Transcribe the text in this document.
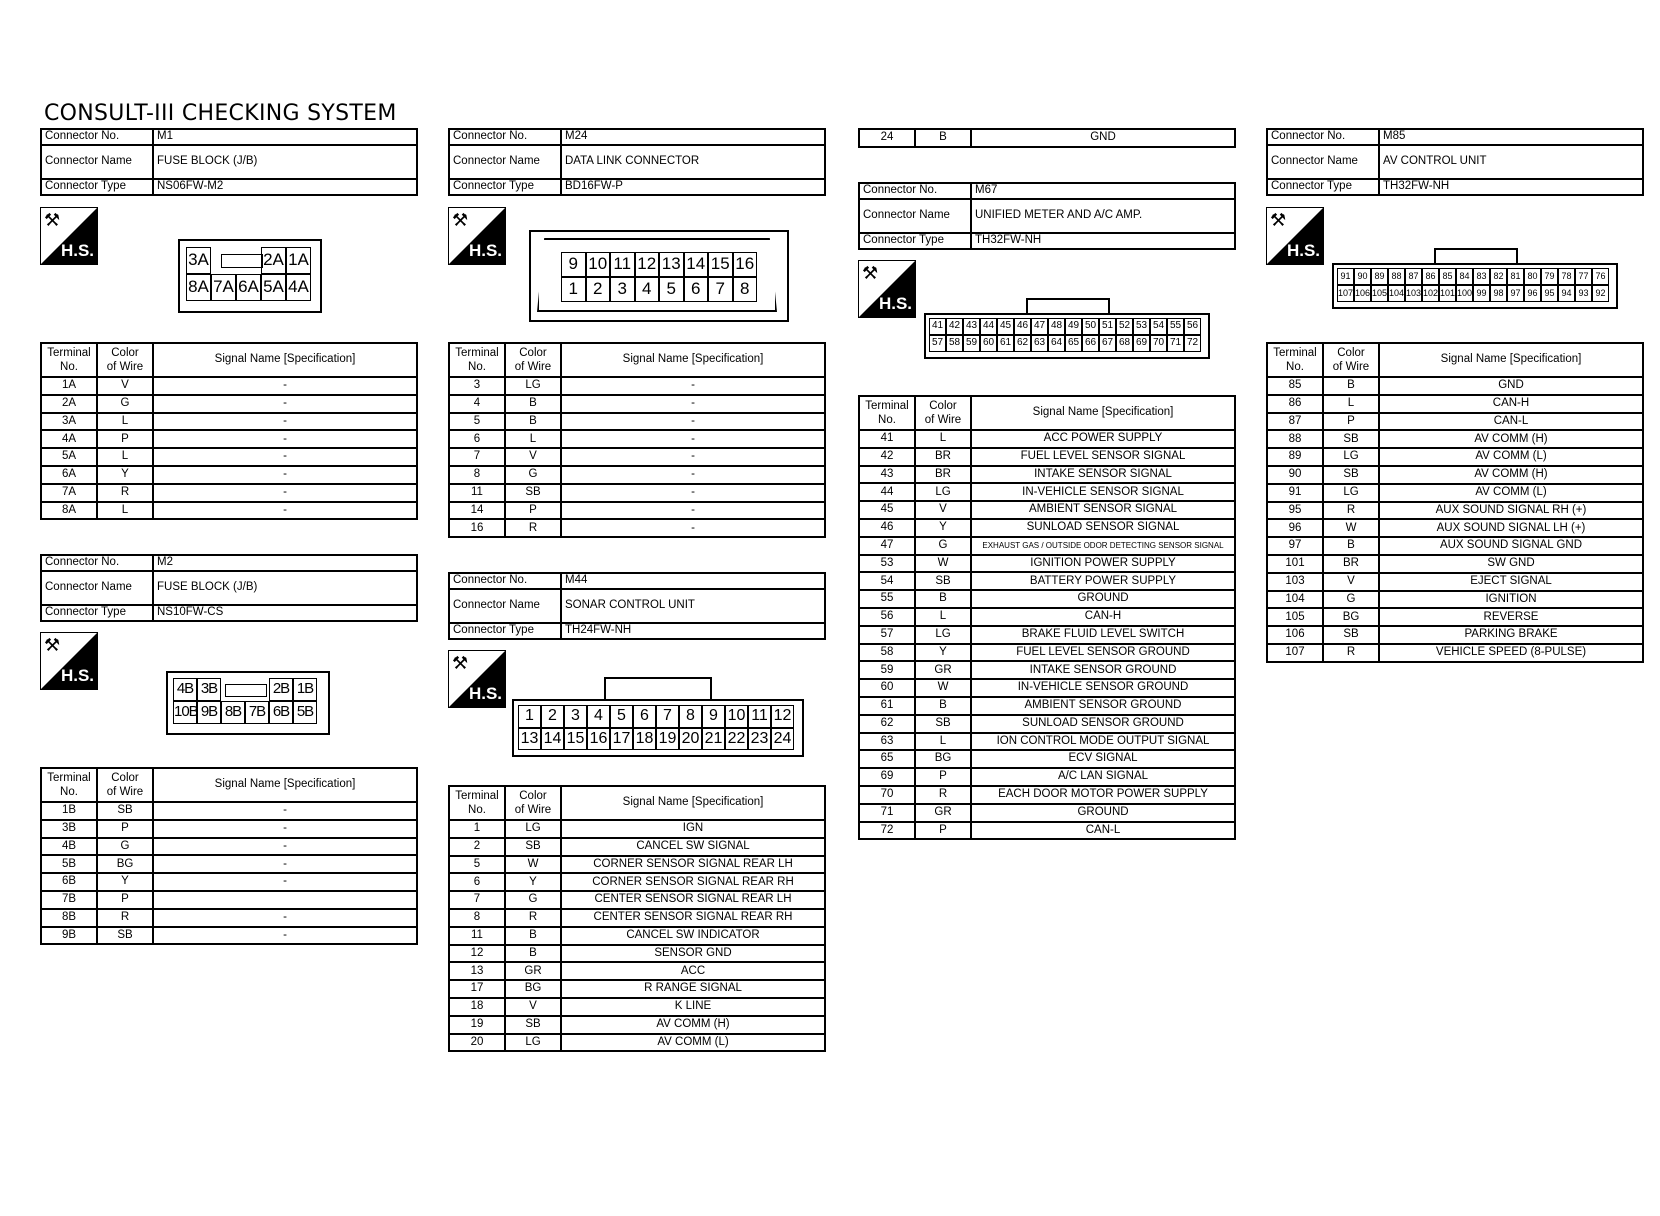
CONSULT-III CHECKING SYSTEM
Connector No.	M1
Connector Name	FUSE BLOCK (J/B)
Connector Type	NS06FW-M2
⚒
H.S.	3A	2A 1A
8A 7A 6A 5A 4A
Terminal
No.	Color
of Wire	Signal Name [Specification]
1A	V	-
2A	G	-
3A	L	-
4A	P	-
5A	L	-
6A	Y	-
7A	R	-
8A	L	-
Connector No.	M2
Connector Name	FUSE BLOCK (J/B)
Connector Type	NS10FW-CS
⚒
H.S.
4B 3B	2B 1B
10B 9B 8B 7B 6B 5B
Terminal
No.	Color
of Wire	Signal Name [Specification]
1B	SB	-
3B	P	-
4B	G	-
5B	BG	-
6B	Y	-
7B	P	
8B	R	-
9B	SB	-
Connector No.	M24
Connector Name	DATA LINK CONNECTOR
Connector Type	BD16FW-P
⚒
H.S.
9 10 11 12 13 14 15 16
1 2 3 4 5 6 7 8
Terminal
No.	Color
of Wire	Signal Name [Specification]
3	LG	-
4	B	-
5	B	-
6	L	-
7	V	-
8	G	-
11	SB	-
14	P	-
16	R	-
Connector No.	M44
Connector Name	SONAR CONTROL UNIT
Connector Type	TH24FW-NH
⚒
H.S.
1 2 3 4 5 6 7 8 9 10 11 12
13 14 15 16 17 18 19 20 21 22 23 24
Terminal
No.	Color
of Wire	Signal Name [Specification]
1	LG	IGN
2	SB	CANCEL SW SIGNAL
5	W	CORNER SENSOR SIGNAL REAR LH
6	Y	CORNER SENSOR SIGNAL REAR RH
7	G	CENTER SENSOR SIGNAL REAR LH
8	R	CENTER SENSOR SIGNAL REAR RH
11	B	CANCEL SW INDICATOR
12	B	SENSOR GND
13	GR	ACC
17	BG	R RANGE SIGNAL
18	V	K LINE
19	SB	AV COMM (H)
20	LG	AV COMM (L)
24	B	GND
Connector No.	M67
Connector Name	UNIFIED METER AND A/C AMP.
Connector Type	TH32FW-NH
⚒
H.S.
41 42 43 44 45 46 47 48 49 50 51 52 53 54 55 56
57 58 59 60 61 62 63 64 65 66 67 68 69 70 71 72
Terminal
No.	Color
of Wire	Signal Name [Specification]
41	L	ACC POWER SUPPLY
42	BR	FUEL LEVEL SENSOR SIGNAL
43	BR	INTAKE SENSOR SIGNAL
44	LG	IN-VEHICLE SENSOR SIGNAL
45	V	AMBIENT SENSOR SIGNAL
46	Y	SUNLOAD SENSOR SIGNAL
47	G	EXHAUST GAS / OUTSIDE ODOR DETECTING SENSOR SIGNAL
53	W	IGNITION POWER SUPPLY
54	SB	BATTERY POWER SUPPLY
55	B	GROUND
56	L	CAN-H
57	LG	BRAKE FLUID LEVEL SWITCH
58	Y	FUEL LEVEL SENSOR GROUND
59	GR	INTAKE SENSOR GROUND
60	W	IN-VEHICLE SENSOR GROUND
61	B	AMBIENT SENSOR GROUND
62	SB	SUNLOAD SENSOR GROUND
63	L	ION CONTROL MODE OUTPUT SIGNAL
65	BG	ECV SIGNAL
69	P	A/C LAN SIGNAL
70	R	EACH DOOR MOTOR POWER SUPPLY
71	GR	GROUND
72	P	CAN-L
Connector No.	M85
Connector Name	AV CONTROL UNIT
Connector Type	TH32FW-NH
⚒
H.S.
91 90 89 88 87 86 85 84 83 82 81 80 79 78 77 76
107 106 105 104 103 102 101 100 99 98 97 96 95 94 93 92
Terminal
No.	Color
of Wire	Signal Name [Specification]
85	B	GND
86	L	CAN-H
87	P	CAN-L
88	SB	AV COMM (H)
89	LG	AV COMM (L)
90	SB	AV COMM (H)
91	LG	AV COMM (L)
95	R	AUX SOUND SIGNAL RH (+)
96	W	AUX SOUND SIGNAL LH (+)
97	B	AUX SOUND SIGNAL GND
101	BR	SW GND
103	V	EJECT SIGNAL
104	G	IGNITION
105	BG	REVERSE
106	SB	PARKING BRAKE
107	R	VEHICLE SPEED (8-PULSE)
